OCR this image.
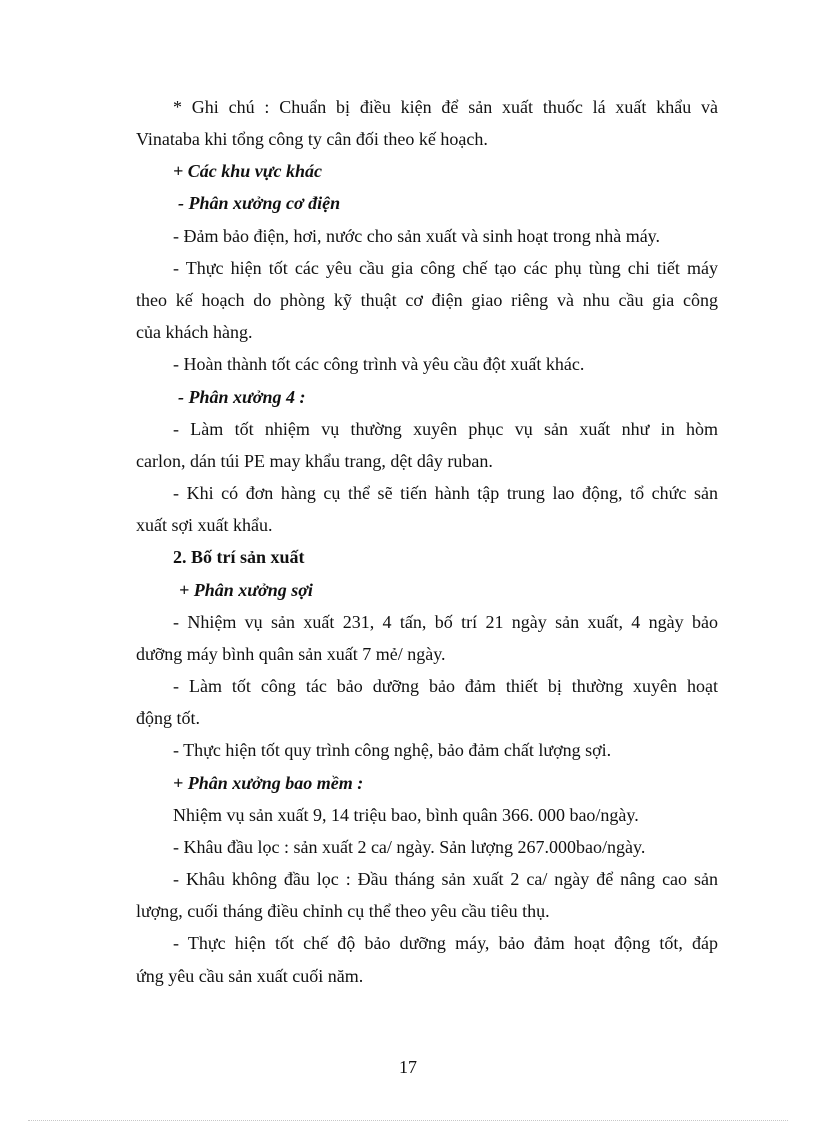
* Ghi chú : Chuẩn bị điều kiện để sản xuất thuốc lá xuất khẩu và
Vinataba khi tổng công ty cân đối theo kế hoạch.
+ Các khu vực khác
- Phân xưởng cơ điện
- Đảm bảo điện, hơi, nước cho sản xuất và sinh hoạt trong nhà máy.
- Thực hiện tốt các yêu cầu gia công chế tạo các phụ tùng chi tiết máy
theo kế hoạch do phòng kỹ thuật cơ điện giao riêng và nhu cầu gia công
của khách hàng.
- Hoàn thành tốt các công trình và yêu cầu đột xuất khác.
- Phân xưởng 4 :
- Làm tốt nhiệm vụ thường xuyên phục vụ sản xuất như in hòm
carlon, dán túi PE may khẩu trang, dệt dây ruban.
- Khi có đơn hàng cụ thể sẽ tiến hành tập trung lao động, tổ chức sản
xuất sợi xuất khẩu.
2. Bố trí sản xuất
+ Phân xưởng sợi
- Nhiệm vụ sản xuất 231, 4 tấn, bố trí 21 ngày sản xuất, 4 ngày bảo
dưỡng máy bình quân sản xuất 7 mẻ/ ngày.
- Làm tốt công tác bảo dưỡng bảo đảm thiết bị thường xuyên hoạt
động tốt.
- Thực hiện tốt quy trình công nghệ, bảo đảm chất lượng sợi.
+ Phân xưởng bao mềm :
Nhiệm vụ sản xuất 9, 14 triệu bao, bình quân 366. 000 bao/ngày.
- Khâu đầu lọc : sản xuất 2 ca/ ngày. Sản lượng 267.000bao/ngày.
- Khâu không đầu lọc : Đầu tháng sản xuất 2 ca/ ngày để nâng cao sản
lượng, cuối tháng điều chỉnh cụ thể theo yêu cầu tiêu thụ.
- Thực hiện tốt chế độ bảo dưỡng máy, bảo đảm hoạt động tốt, đáp
ứng yêu cầu sản xuất cuối năm.
17
